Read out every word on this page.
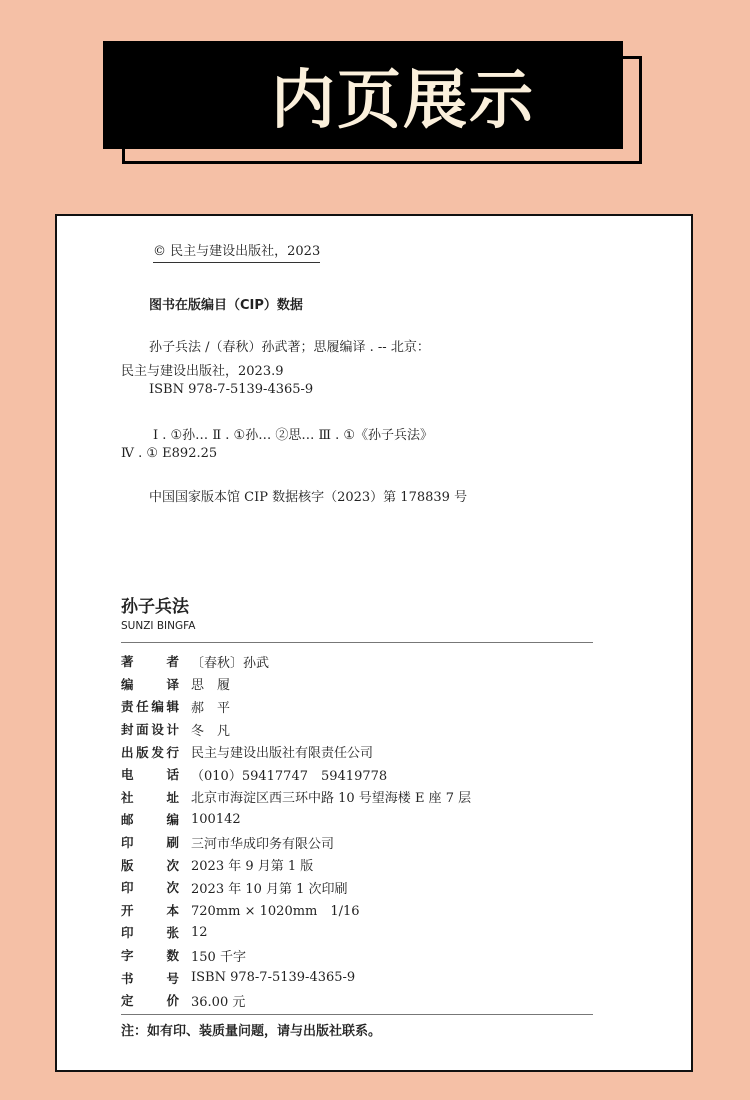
内页展示
© 民主与建设出版社，2023
图书在版编目（CIP）数据
孙子兵法 /（春秋）孙武著；思履编译 . -- 北京：
民主与建设出版社，2023.9
ISBN 978-7-5139-4365-9
Ⅰ . ①孙… Ⅱ . ①孙… ②思… Ⅲ . ①《孙子兵法》
Ⅳ . ① E892.25
中国国家版本馆 CIP 数据核字（2023）第 178839 号
孙子兵法
SUNZI BINGFA
著者 〔春秋〕孙武
编译 思　履
责任编辑 郝　平
封面设计 冬　凡
出版发行 民主与建设出版社有限责任公司
电话 （010）59417747　59419778
社址 北京市海淀区西三环中路 10 号望海楼 E 座 7 层
邮编 100142
印刷 三河市华成印务有限公司
版次 2023 年 9 月第 1 版
印次 2023 年 10 月第 1 次印刷
开本 720mm × 1020mm　1/16
印张 12
字数 150 千字
书号 ISBN 978-7-5139-4365-9
定价 36.00 元
注：如有印、装质量问题，请与出版社联系。
